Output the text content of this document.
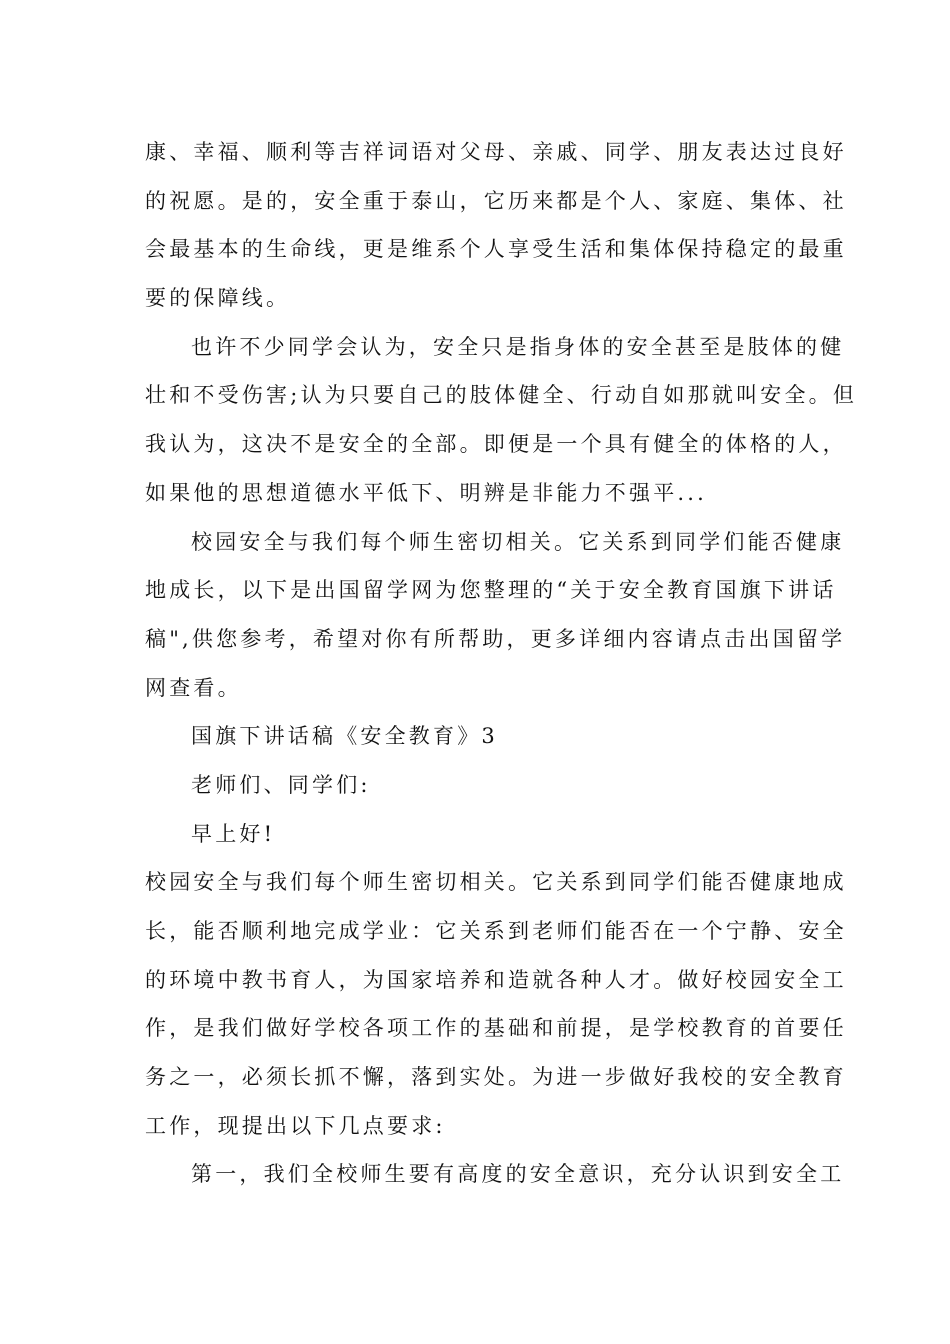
康、幸福、顺利等吉祥词语对父母、亲戚、同学、朋友表达过良好
的祝愿。是的，安全重于泰山，它历来都是个人、家庭、集体、社
会最基本的生命线，更是维系个人享受生活和集体保持稳定的最重
要的保障线。
也许不少同学会认为，安全只是指身体的安全甚至是肢体的健
壮和不受伤害;认为只要自己的肢体健全、行动自如那就叫安全。但
我认为，这决不是安全的全部。即便是一个具有健全的体格的人，
如果他的思想道德水平低下、明辨是非能力不强平...
校园安全与我们每个师生密切相关。它关系到同学们能否健康
地成长，以下是出国留学网为您整理的“关于安全教育国旗下讲话
稿",供您参考，希望对你有所帮助，更多详细内容请点击出国留学
网查看。
国旗下讲话稿《安全教育》3
老师们、同学们:
早上好!
校园安全与我们每个师生密切相关。它关系到同学们能否健康地成
长，能否顺利地完成学业：它关系到老师们能否在一个宁静、安全
的环境中教书育人，为国家培养和造就各种人才。做好校园安全工
作，是我们做好学校各项工作的基础和前提，是学校教育的首要任
务之一，必须长抓不懈，落到实处。为进一步做好我校的安全教育
工作，现提出以下几点要求:
第一，我们全校师生要有高度的安全意识，充分认识到安全工
